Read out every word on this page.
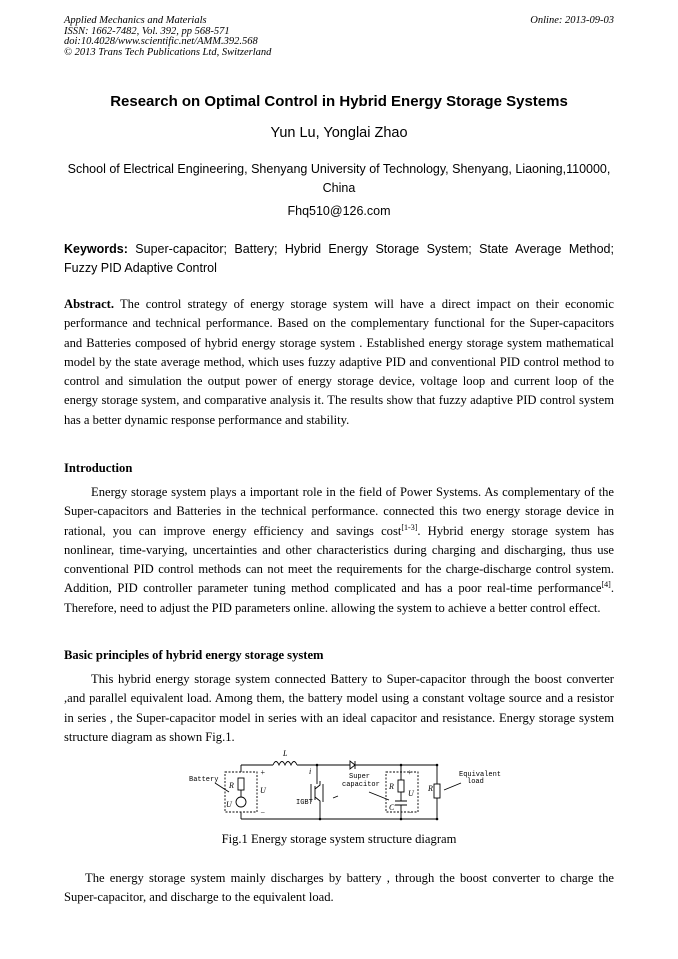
Applied Mechanics and Materials
ISSN: 1662-7482, Vol. 392, pp 568-571
doi:10.4028/www.scientific.net/AMM.392.568
© 2013 Trans Tech Publications Ltd, Switzerland
Online: 2013-09-03
Research on Optimal Control in Hybrid Energy Storage Systems
Yun Lu, Yonglai Zhao
School of Electrical Engineering, Shenyang University of Technology, Shenyang, Liaoning,110000,
China
Fhq510@126.com
Keywords: Super-capacitor; Battery; Hybrid Energy Storage System; State Average Method; Fuzzy PID Adaptive Control
Abstract. The control strategy of energy storage system will have a direct impact on their economic performance and technical performance. Based on the complementary functional for the Super-capacitors and Batteries composed of hybrid energy storage system . Established energy storage system mathematical model by the state average method, which uses fuzzy adaptive PID and conventional PID control method to control and simulation the output power of energy storage device, voltage loop and current loop of the energy storage system, and comparative analysis it. The results show that fuzzy adaptive PID control system has a better dynamic response performance and stability.
Introduction
Energy storage system plays a important role in the field of Power Systems. As complementary of the Super-capacitors and Batteries in the technical performance. connected this two energy storage device in rational, you can improve energy efficiency and savings cost[1-3]. Hybrid energy storage system has nonlinear, time-varying, uncertainties and other characteristics during charging and discharging, thus use conventional PID control methods can not meet the requirements for the charge-discharge control system. Addition, PID controller parameter tuning method complicated and has a poor real-time performance[4]. Therefore, need to adjust the PID parameters online. allowing the system to achieve a better control effect.
Basic principles of hybrid energy storage system
This hybrid energy storage system connected Battery to Super-capacitor through the boost converter ,and parallel equivalent load. Among them, the battery model using a constant voltage source and a resistor in series , the Super-capacitor model in series with an ideal capacitor and resistance. Energy storage system structure diagram as shown Fig.1.
Battery	Super
capacitor
Equivalent
load
IGBT
L
i
R
U
U	R
U
C
R
+	+
−	−
Fig.1 Energy storage system structure diagram
The energy storage system mainly discharges by battery , through the boost converter to charge the Super-capacitor, and discharge to the equivalent load.
